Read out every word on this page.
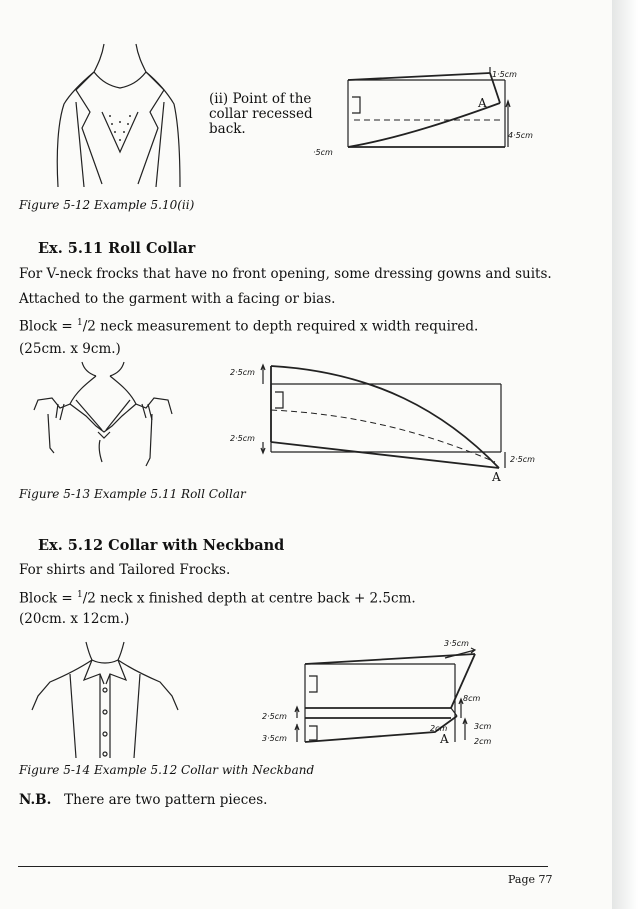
(ii) Point of the
collar recessed
back.
1·5cm
4·5cm
·5cm
A
Figure 5-12 Example 5.10(ii)
Ex. 5.11 Roll Collar
For V-neck frocks that have no front opening, some dressing gowns and suits.
Attached to the garment with a facing or bias.
Block = $^1$/2 neck measurement to depth required x width required.
(25cm. x 9cm.)
2·5cm
2·5cm
2·5cm
A
Figure 5-13 Example 5.11 Roll Collar
Ex. 5.12 Collar with Neckband
For shirts and Tailored Frocks.
Block = $^1$/2 neck x finished depth at centre back + 2.5cm.
(20cm. x 12cm.)
3·5cm
8cm
2cm	3cm
2·5cm
3·5cm	2cm
A
Figure 5-14 Example 5.12 Collar with Neckband
N.B. There are two pattern pieces.
Page 77
